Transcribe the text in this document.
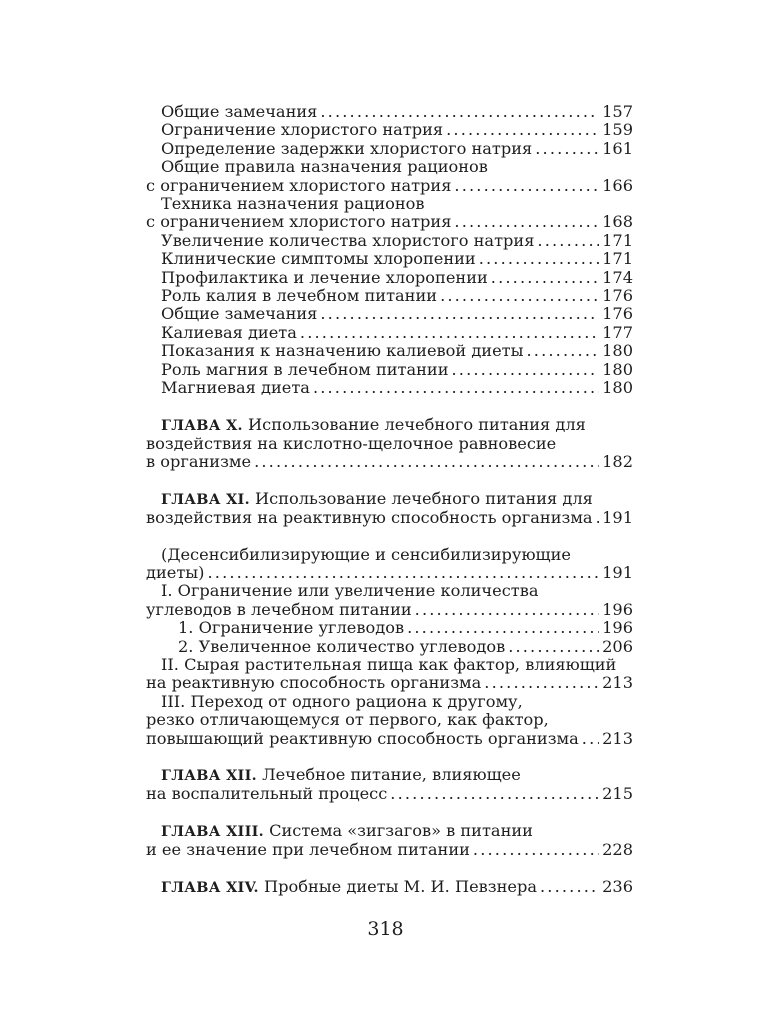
Общие замечания . . .	157
Ограничение хлористого натрия . . .	159
Определение задержки хлористого натрия . . .	161
Общие правила назначения рационов
с ограничением хлористого натрия . . .	166
Техника назначения рационов
с ограничением хлористого натрия . . .	168
Увеличение количества хлористого натрия . . .	171
Клинические симптомы хлоропении . . .	171
Профилактика и лечение хлоропении . . .	174
Роль калия в лечебном питании . . .	176
Общие замечания . . .	176
Калиевая диета . . .	177
Показания к назначению калиевой диеты . . .	180
Роль магния в лечебном питании . . .	180
Магниевая диета . . .	180
ГЛАВА X. Использование лечебного питания для
воздействия на кислотно-щелочное равновесие
в организме . . .	182
ГЛАВА XI. Использование лечебного питания для
воздействия на реактивную способность организма . . . 191
(Десенсибилизирующие и сенсибилизирующие
диеты) . . .	191
I. Ограничение или увеличение количества
углеводов в лечебном питании . . .	196
1. Ограничение углеводов . . .	196
2. Увеличенное количество углеводов . . .	206
II. Сырая растительная пища как фактор, влияющий
на реактивную способность организма . . .	213
III. Переход от одного рациона к другому,
резко отличающемуся от первого, как фактор,
повышающий реактивную способность организма . . . 213
ГЛАВА XII. Лечебное питание, влияющее
на воспалительный процесс . . .	215
ГЛАВА XIII. Система «зигзагов» в питании
и ее значение при лечебном питании . . .	228
ГЛАВА XIV. Пробные диеты М. И. Певзнера . . .	236
318
